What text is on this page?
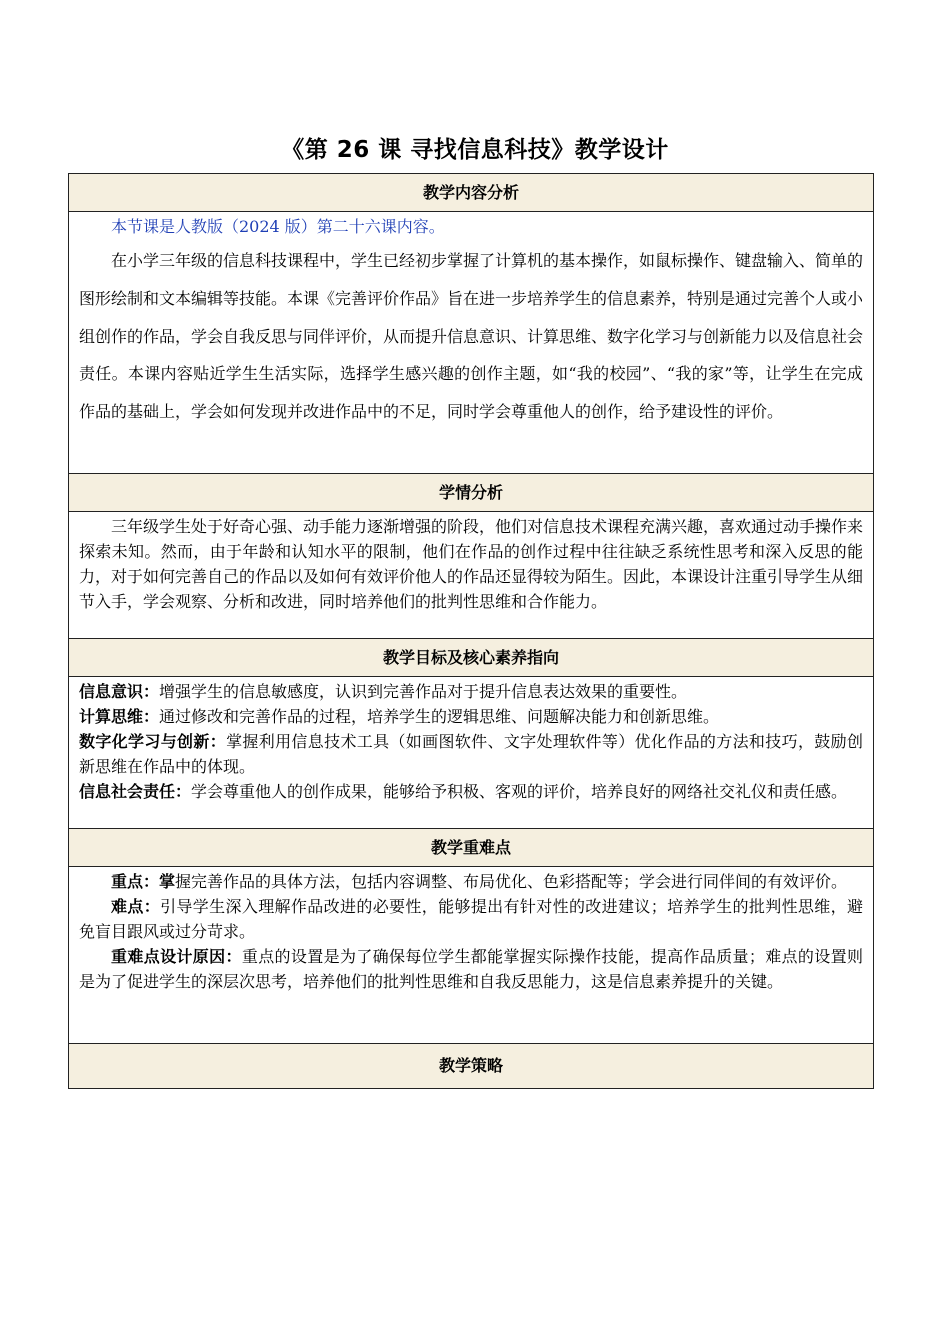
《第 26 课 寻找信息科技》教学设计
教学内容分析

本节课是人教版（2024 版）第二十六课内容。

在小学三年级的信息科技课程中，学生已经初步掌握了计算机的基本操作，如鼠标操作、键盘输入、简单的图形绘制和文本编辑等技能。本课《完善评价作品》旨在进一步培养学生的信息素养，特别是通过完善个人或小组创作的作品，学会自我反思与同伴评价，从而提升信息意识、计算思维、数字化学习与创新能力以及信息社会责任。本课内容贴近学生生活实际，选择学生感兴趣的创作主题，如“我的校园”、“我的家”等，让学生在完成作品的基础上，学会如何发现并改进作品中的不足，同时学会尊重他人的创作，给予建设性的评价。

学情分析

三年级学生处于好奇心强、动手能力逐渐增强的阶段，他们对信息技术课程充满兴趣，喜欢通过动手操作来探索未知。然而，由于年龄和认知水平的限制，他们在作品的创作过程中往往缺乏系统性思考和深入反思的能力，对于如何完善自己的作品以及如何有效评价他人的作品还显得较为陌生。因此，本课设计注重引导学生从细节入手，学会观察、分析和改进，同时培养他们的批判性思维和合作能力。

教学目标及核心素养指向

信息意识：增强学生的信息敏感度，认识到完善作品对于提升信息表达效果的重要性。

计算思维：通过修改和完善作品的过程，培养学生的逻辑思维、问题解决能力和创新思维。

数字化学习与创新：掌握利用信息技术工具（如画图软件、文字处理软件等）优化作品的方法和技巧，鼓励创新思维在作品中的体现。

信息社会责任：学会尊重他人的创作成果，能够给予积极、客观的评价，培养良好的网络社交礼仪和责任感。

教学重难点

重点：掌握完善作品的具体方法，包括内容调整、布局优化、色彩搭配等；学会进行同伴间的有效评价。

难点：引导学生深入理解作品改进的必要性，能够提出有针对性的改进建议；培养学生的批判性思维，避免盲目跟风或过分苛求。

重难点设计原因：重点的设置是为了确保每位学生都能掌握实际操作技能，提高作品质量；难点的设置则是为了促进学生的深层次思考，培养他们的批判性思维和自我反思能力，这是信息素养提升的关键。

教学策略
